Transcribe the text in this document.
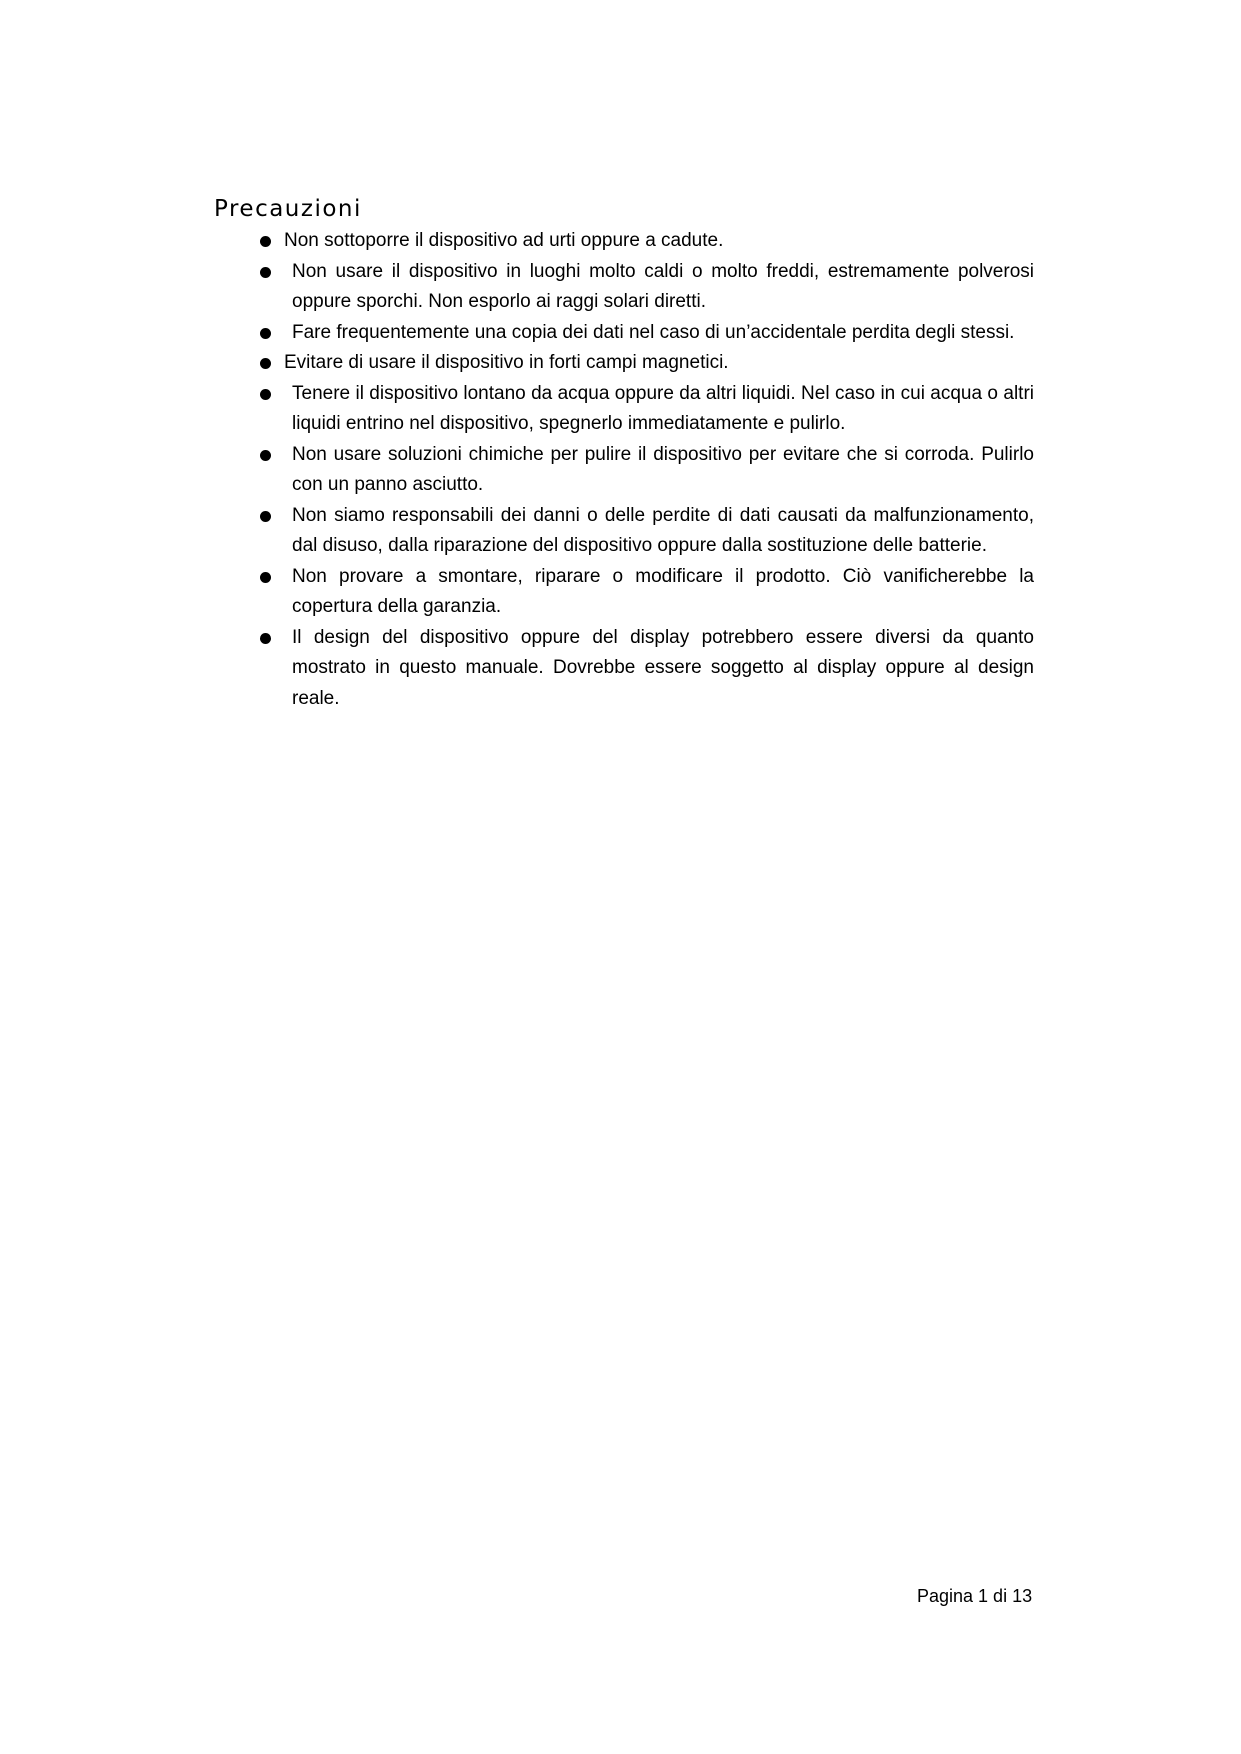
Precauzioni
Non sottoporre il dispositivo ad urti oppure a cadute.
Non usare il dispositivo in luoghi molto caldi o molto freddi, estremamente polverosi oppure sporchi. Non esporlo ai raggi solari diretti.
Fare frequentemente una copia dei dati nel caso di un’accidentale perdita degli stessi.
Evitare di usare il dispositivo in forti campi magnetici.
Tenere il dispositivo lontano da acqua oppure da altri liquidi. Nel caso in cui acqua o altri liquidi entrino nel dispositivo, spegnerlo immediatamente e pulirlo.
Non usare soluzioni chimiche per pulire il dispositivo per evitare che si corroda. Pulirlo con un panno asciutto.
Non siamo responsabili dei danni o delle perdite di dati causati da malfunzionamento, dal disuso, dalla riparazione del dispositivo oppure dalla sostituzione delle batterie.
Non provare a smontare, riparare o modificare il prodotto. Ciò vanificherebbe la copertura della garanzia.
Il design del dispositivo oppure del display potrebbero essere diversi da quanto mostrato in questo manuale. Dovrebbe essere soggetto al display oppure al design reale.
Pagina 1 di 13
